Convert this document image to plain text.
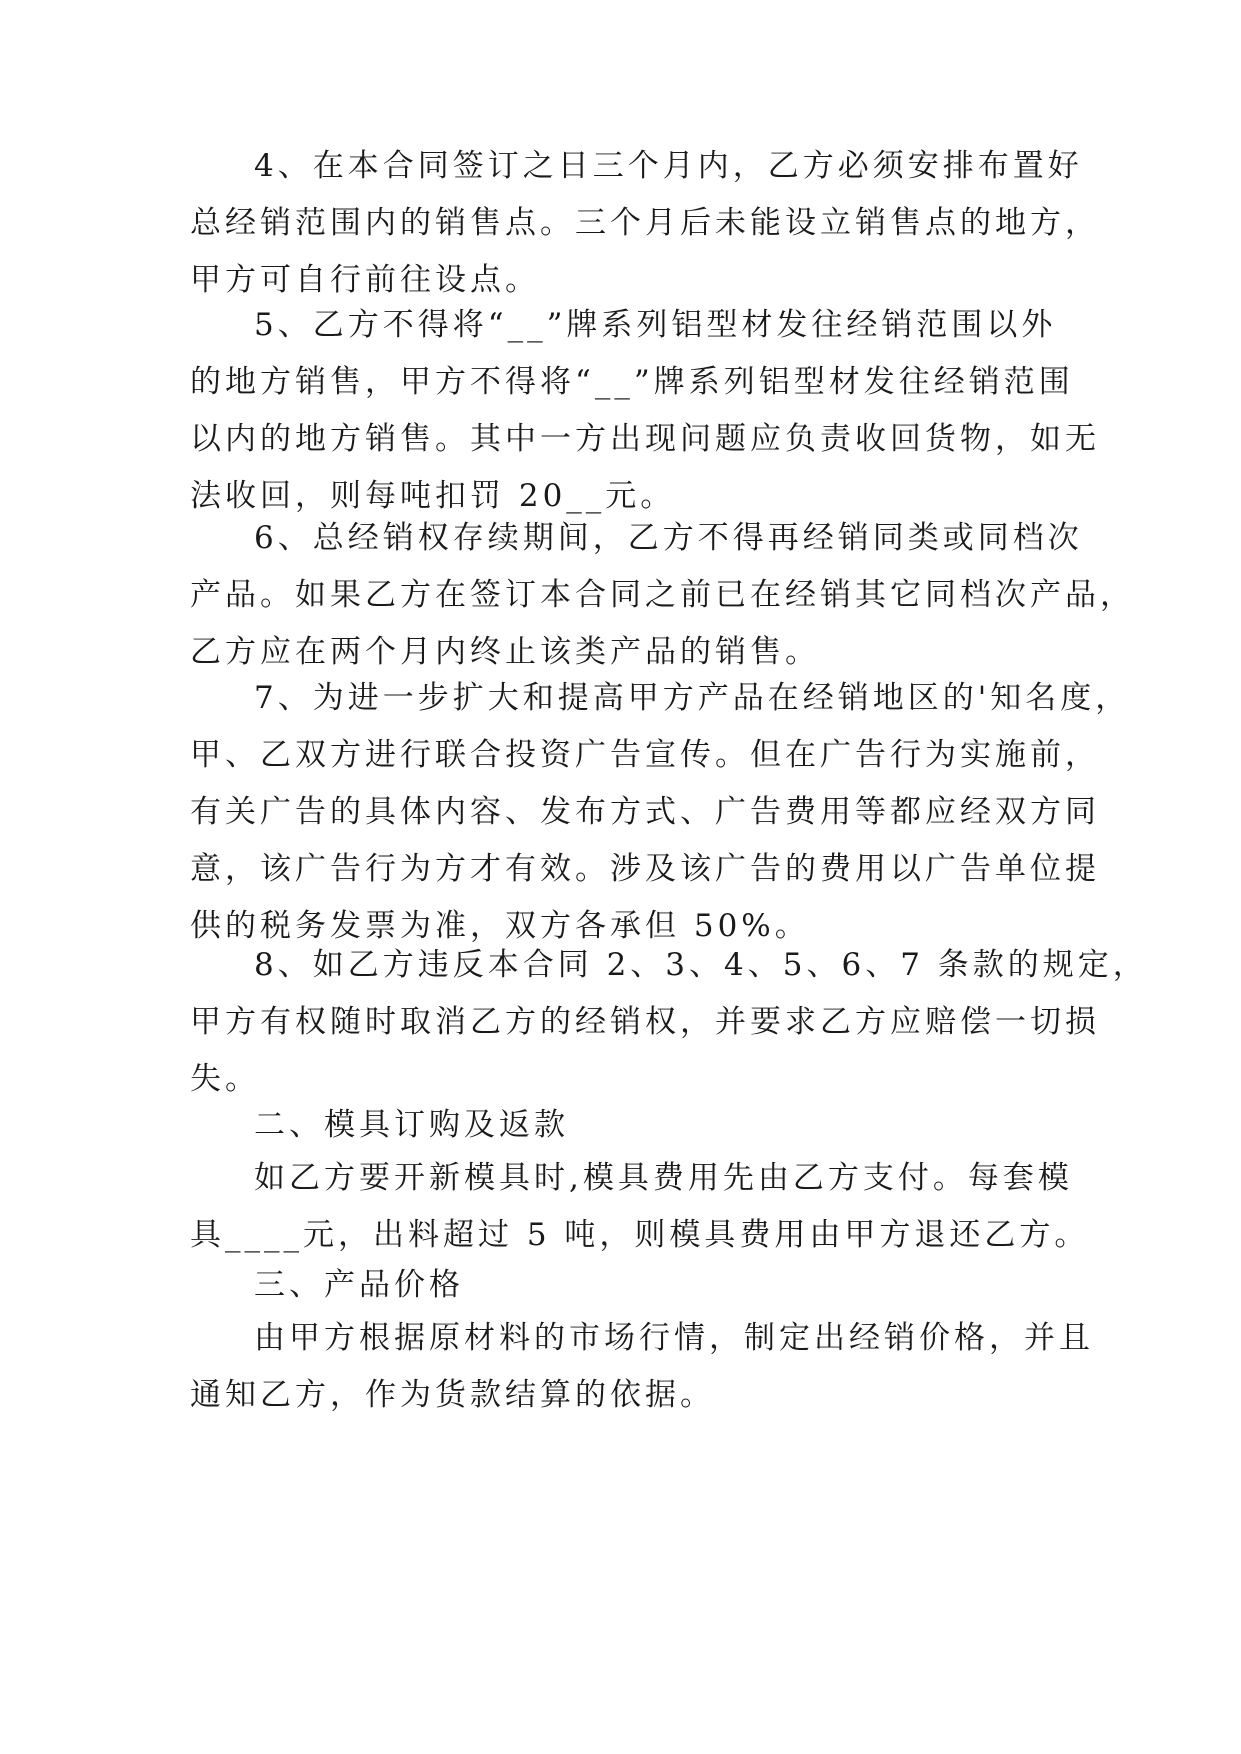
4、在本合同签订之日三个月内，乙方必须安排布置好
总经销范围内的销售点。三个月后未能设立销售点的地方，
甲方可自行前往设点。
5、乙方不得将“__”牌系列铝型材发往经销范围以外
的地方销售，甲方不得将“__”牌系列铝型材发往经销范围
以内的地方销售。其中一方出现问题应负责收回货物，如无
法收回，则每吨扣罚 20__元。
6、总经销权存续期间，乙方不得再经销同类或同档次
产品。如果乙方在签订本合同之前已在经销其它同档次产品，
乙方应在两个月内终止该类产品的销售。
7、为进一步扩大和提高甲方产品在经销地区的'知名度，
甲、乙双方进行联合投资广告宣传。但在广告行为实施前，
有关广告的具体内容、发布方式、广告费用等都应经双方同
意，该广告行为方才有效。涉及该广告的费用以广告单位提
供的税务发票为准，双方各承但 50%。
8、如乙方违反本合同 2、3、4、5、6、7 条款的规定，
甲方有权随时取消乙方的经销权，并要求乙方应赔偿一切损
失。
二、模具订购及返款
如乙方要开新模具时,模具费用先由乙方支付。每套模
具____元，出料超过 5 吨，则模具费用由甲方退还乙方。
三、产品价格
由甲方根据原材料的市场行情，制定出经销价格，并且
通知乙方，作为货款结算的依据。
